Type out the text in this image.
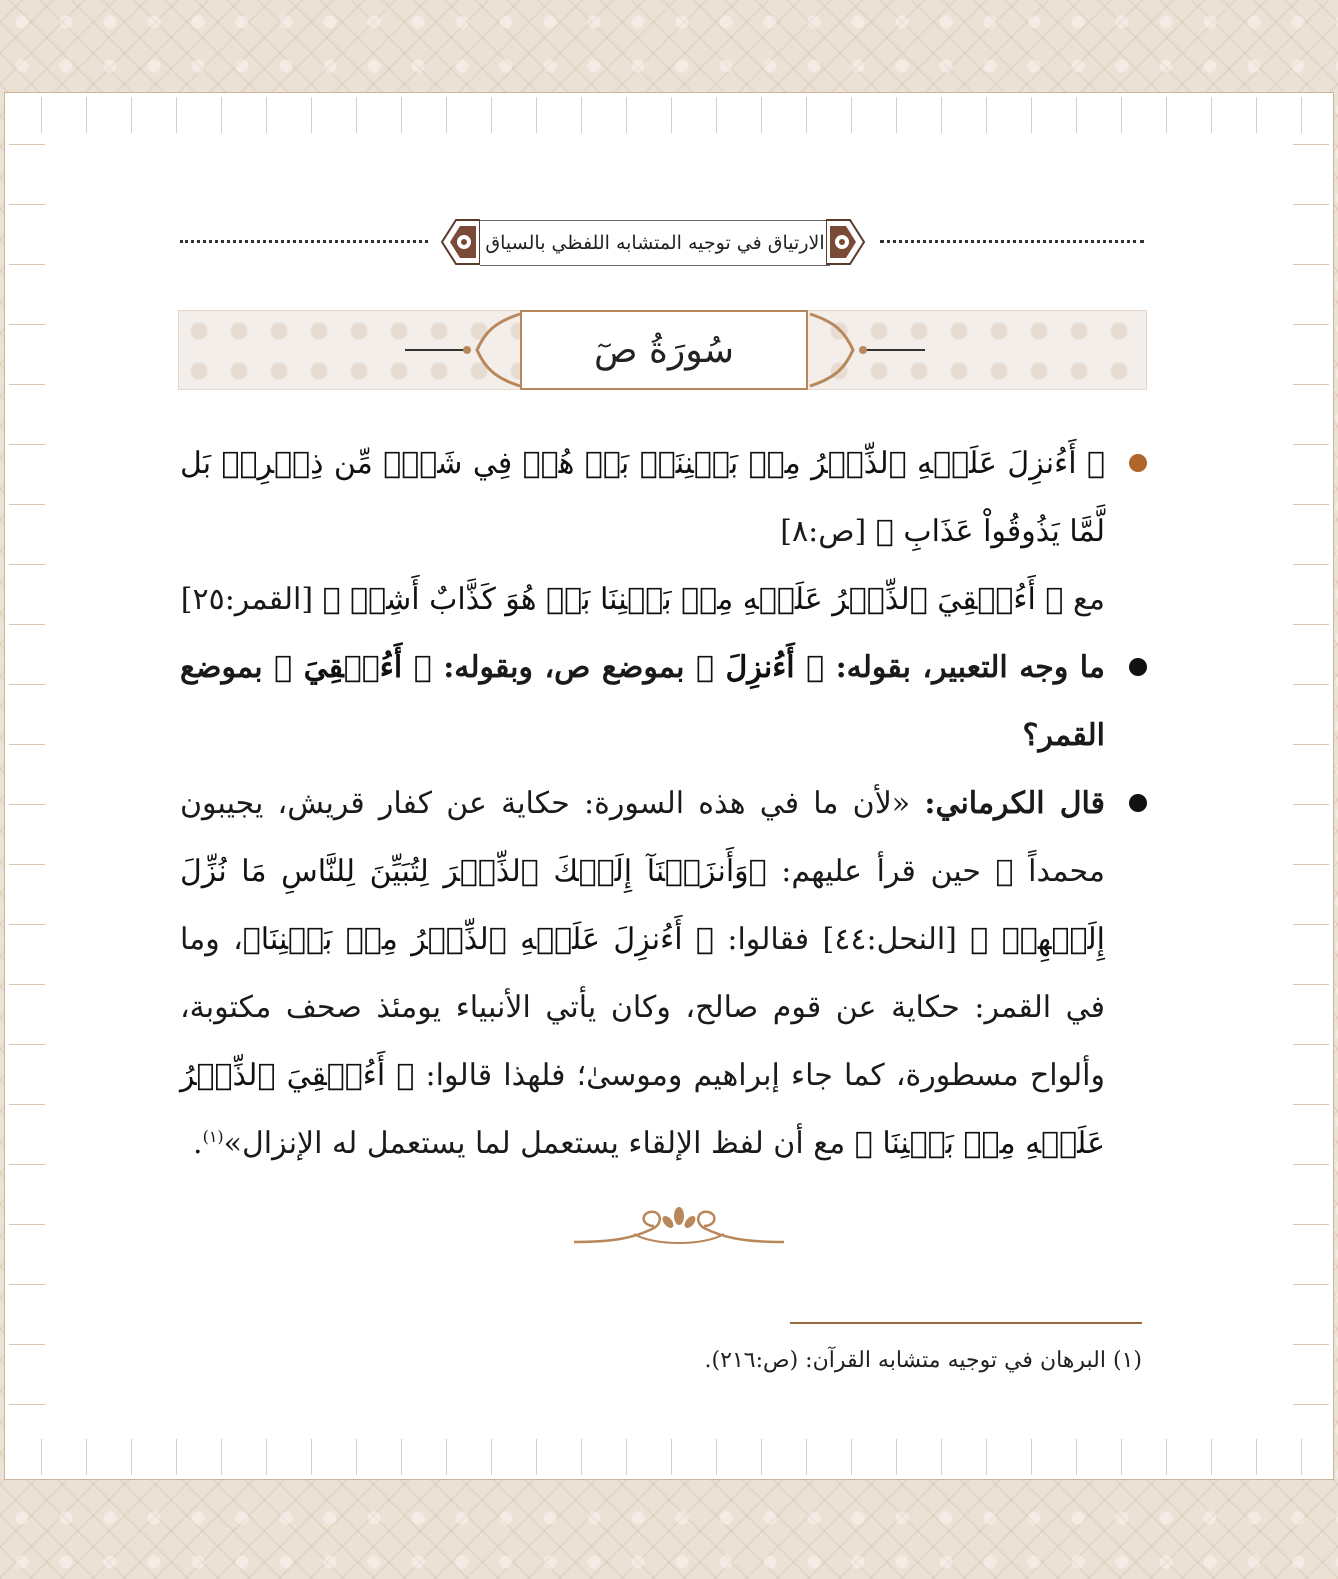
الارتياق في توجيه المتشابه اللفظي بالسياق
سُورَةُ صٓ

﴿ أَءُنزِلَ عَلَيۡهِ ٱلذِّكۡرُ مِنۢ بَيۡنِنَاۚ بَلۡ هُمۡ فِي شَكّٖ مِّن ذِكۡرِيۚ بَل لَّمَّا يَذُوقُواْ عَذَابِ ﴾ [ص:٨]
مع ﴿ أَءُلۡقِيَ ٱلذِّكۡرُ عَلَيۡهِ مِنۢ بَيۡنِنَا بَلۡ هُوَ كَذَّابٌ أَشِرٞ ﴾ [القمر:٢٥]

ما وجه التعبير، بقوله: ﴿ أَءُنزِلَ ﴾ بموضع ص، وبقوله: ﴿ أَءُلۡقِيَ ﴾ بموضع القمر؟

قال الكرماني: «لأن ما في هذه السورة: حكاية عن كفار قريش، يجيبون محمداً ﷺ حين قرأ عليهم: ﴿وَأَنزَلۡنَآ إِلَيۡكَ ٱلذِّكۡرَ لِتُبَيِّنَ لِلنَّاسِ مَا نُزِّلَ إِلَيۡهِمۡ ﴾ [النحل:٤٤] فقالوا: ﴿ أَءُنزِلَ عَلَيۡهِ ٱلذِّكۡرُ مِنۢ بَيۡنِنَا﴾، وما في القمر: حكاية عن قوم صالح، وكان يأتي الأنبياء يومئذ صحف مكتوبة، وألواح مسطورة، كما جاء إبراهيم وموسىٰ؛ فلهذا قالوا: ﴿ أَءُلۡقِيَ ٱلذِّكۡرُ عَلَيۡهِ مِنۢ بَيۡنِنَا ﴾ مع أن لفظ الإلقاء يستعمل لما يستعمل له الإنزال»$^{(١)}$.

(١) البرهان في توجيه متشابه القرآن: (ص:٢١٦).
